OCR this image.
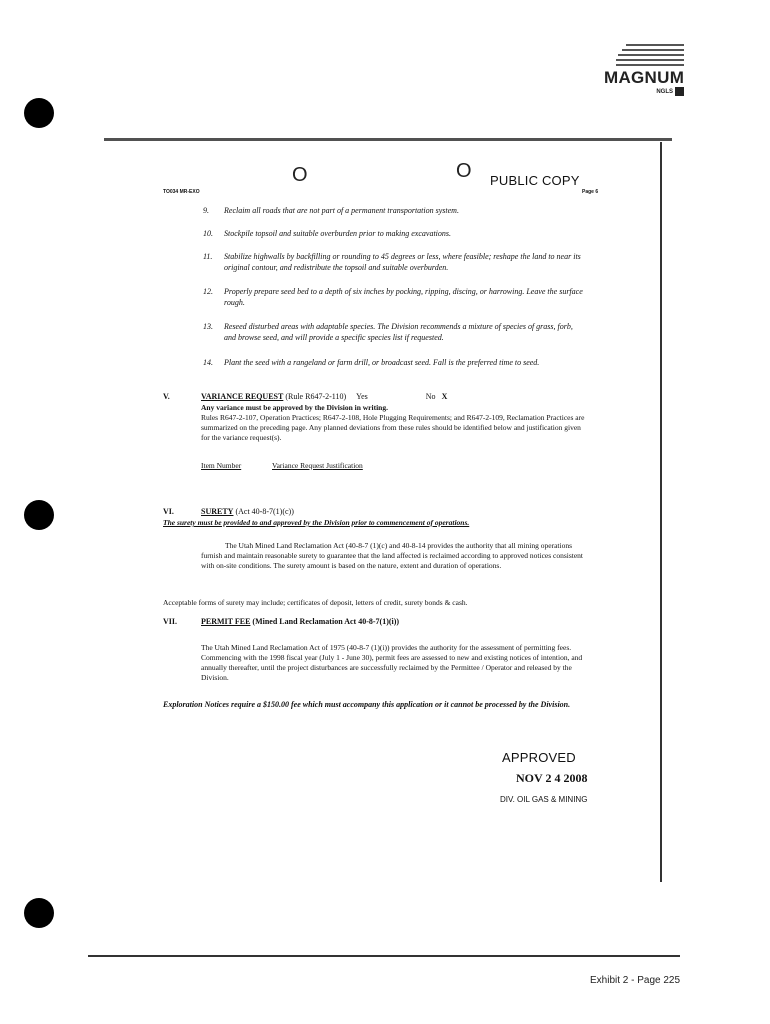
MAGNUM
NGLS
O	O PUBLIC COPY
TO034 MR-EXO	Page 6
9. Reclaim all roads that are not part of a permanent transportation system.
10. Stockpile topsoil and suitable overburden prior to making excavations.
11. Stabilize highwalls by backfilling or rounding to 45 degrees or less, where feasible; reshape the land to near its original contour, and redistribute the topsoil and suitable overburden.
12. Properly prepare seed bed to a depth of six inches by pocking, ripping, discing, or harrowing. Leave the surface rough.
13. Reseed disturbed areas with adaptable species. The Division recommends a mixture of species of grass, forb, and browse seed, and will provide a specific species list if requested.
14. Plant the seed with a rangeland or farm drill, or broadcast seed. Fall is the preferred time to seed.
V.	VARIANCE REQUEST (Rule R647-2-110) Yes	No X
Any variance must be approved by the Division in writing.
Rules R647-2-107, Operation Practices; R647-2-108, Hole Plugging Requirements; and R647-2-109, Reclamation Practices are summarized on the preceding page. Any planned deviations from these rules should be identified below and justification given for the variance request(s).
Item Number	Variance Request Justification
VI.	SURETY (Act 40-8-7(1)(c))
The surety must be provided to and approved by the Division prior to commencement of operations.
The Utah Mined Land Reclamation Act (40-8-7 (1)(c) and 40-8-14 provides the authority that all mining operations furnish and maintain reasonable surety to guarantee that the land affected is reclaimed according to approved notices consistent with on-site conditions. The surety amount is based on the nature, extent and duration of operations.
Acceptable forms of surety may include; certificates of deposit, letters of credit, surety bonds & cash.
VII.	PERMIT FEE (Mined Land Reclamation Act 40-8-7(1)(i))
The Utah Mined Land Reclamation Act of 1975 (40-8-7 (1)(i)) provides the authority for the assessment of permitting fees. Commencing with the 1998 fiscal year (July 1 - June 30), permit fees are assessed to new and existing notices of intention, and annually thereafter, until the project disturbances are successfully reclaimed by the Permittee / Operator and released by the Division.
Exploration Notices require a $150.00 fee which must accompany this application or it cannot be processed by the Division.
APPROVED
NOV 2 4 2008
DIV. OIL GAS & MINING
Exhibit 2 - Page 225
